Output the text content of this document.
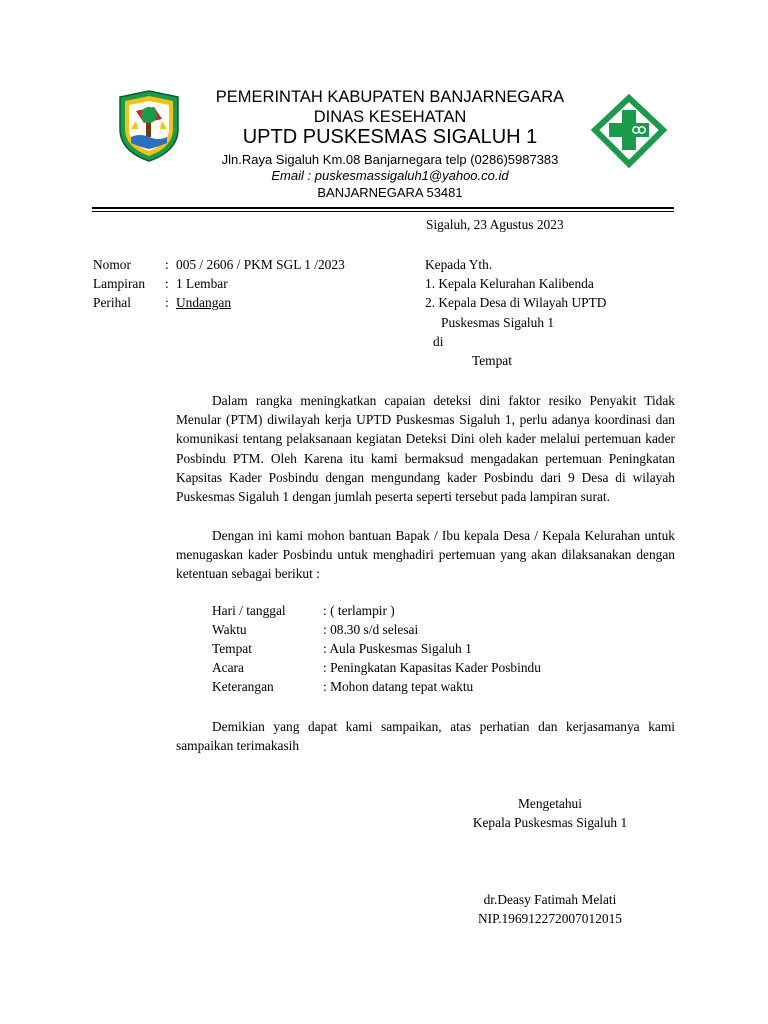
PEMERINTAH KABUPATEN BANJARNEGARA
DINAS KESEHATAN
UPTD PUSKESMAS SIGALUH 1
Jln.Raya Sigaluh Km.08 Banjarnegara telp (0286)5987383
Email : puskesmassigaluh1@yahoo.co.id
BANJARNEGARA 53481
Sigaluh, 23 Agustus 2023
Nomor	: 005 / 2606 / PKM SGL 1 /2023
Lampiran : 1 Lembar
Perihal	: Undangan
Kepada Yth.
1. Kepala Kelurahan Kalibenda
2. Kepala Desa di Wilayah UPTD
Puskesmas Sigaluh 1
di
Tempat
Dalam rangka meningkatkan capaian deteksi dini faktor resiko Penyakit Tidak Menular (PTM) diwilayah kerja UPTD Puskesmas Sigaluh 1, perlu adanya koordinasi dan komunikasi tentang pelaksanaan kegiatan Deteksi Dini oleh kader melalui pertemuan kader Posbindu PTM. Oleh Karena itu kami bermaksud mengadakan pertemuan Peningkatan Kapsitas Kader Posbindu dengan mengundang kader Posbindu dari 9 Desa di wilayah Puskesmas Sigaluh 1 dengan jumlah peserta seperti tersebut pada lampiran surat.
Dengan ini kami mohon bantuan Bapak / Ibu kepala Desa / Kepala Kelurahan untuk menugaskan kader Posbindu untuk menghadiri pertemuan yang akan dilaksanakan dengan ketentuan sebagai berikut :
Hari / tanggal	: ( terlampir )
Waktu	: 08.30 s/d selesai
Tempat	: Aula Puskesmas Sigaluh 1
Acara	: Peningkatan Kapasitas Kader Posbindu
Keterangan	: Mohon datang tepat waktu
Demikian yang dapat kami sampaikan, atas perhatian dan kerjasamanya kami sampaikan terimakasih
Mengetahui
Kepala Puskesmas Sigaluh 1
dr.Deasy Fatimah Melati
NIP.196912272007012015
